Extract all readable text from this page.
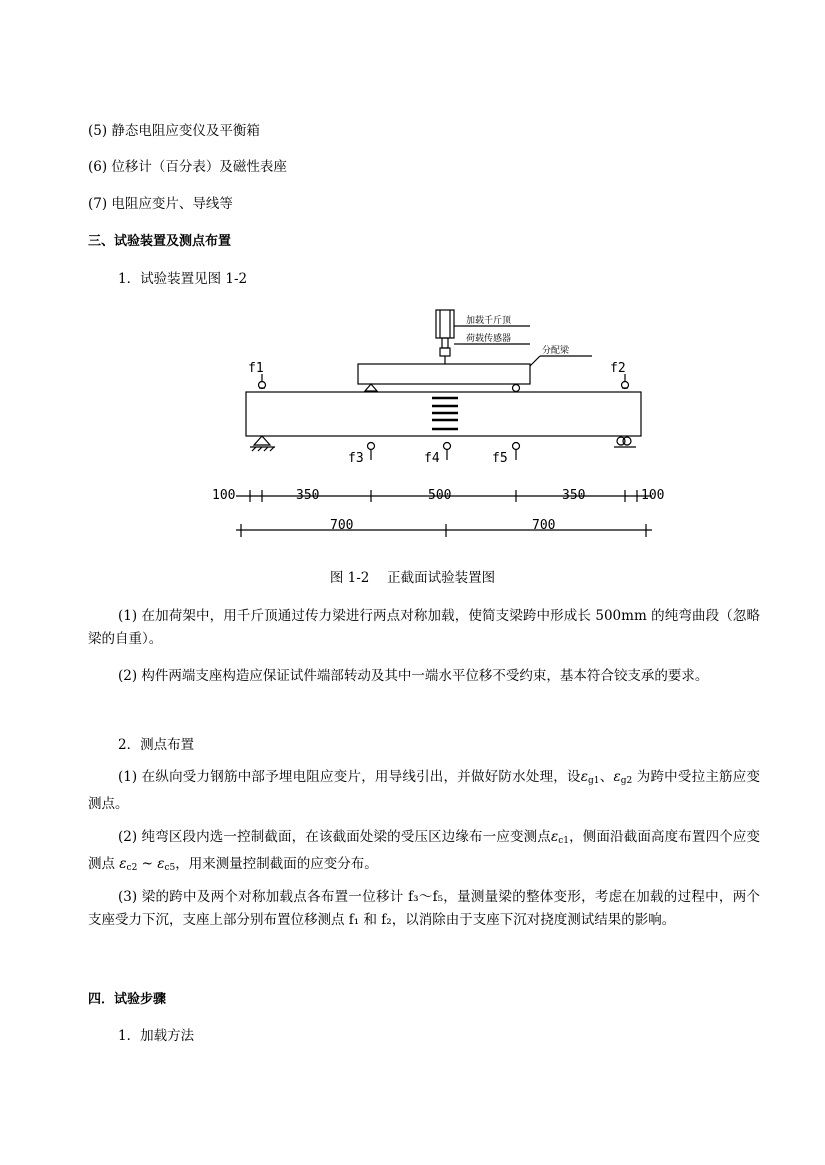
(5) 静态电阻应变仪及平衡箱
(6) 位移计（百分表）及磁性表座
(7) 电阻应变片、导线等
三、试验装置及测点布置
1．试验装置见图 1-2
加载千斤顶
荷载传感器
分配梁
f1	f2
f3	f4	f5
100	350	500	350	100
700	700
图 1-2　 正截面试验装置图
(1) 在加荷架中，用千斤顶通过传力梁进行两点对称加载，使简支梁跨中形成长 500mm 的纯弯曲段（忽略梁的自重）。
(2) 构件两端支座构造应保证试件端部转动及其中一端水平位移不受约束，基本符合铰支承的要求。
2．测点布置
(1) 在纵向受力钢筋中部予埋电阻应变片，用导线引出，并做好防水处理，设$\varepsilon_{g1}$、$\varepsilon_{g2}$ 为跨中受拉主筋应变测点。
(2) 纯弯区段内选一控制截面，在该截面处梁的受压区边缘布一应变测点$\varepsilon_{c1}$，侧面沿截面高度布置四个应变测点 $\varepsilon_{c2}$ ~ $\varepsilon_{c5}$，用来测量控制截面的应变分布。
(3) 梁的跨中及两个对称加载点各布置一位移计 f₃～f₅，量测量梁的整体变形，考虑在加载的过程中，两个支座受力下沉，支座上部分别布置位移测点 f₁ 和 f₂，以消除由于支座下沉对挠度测试结果的影响。
四．试验步骤
1．加载方法
